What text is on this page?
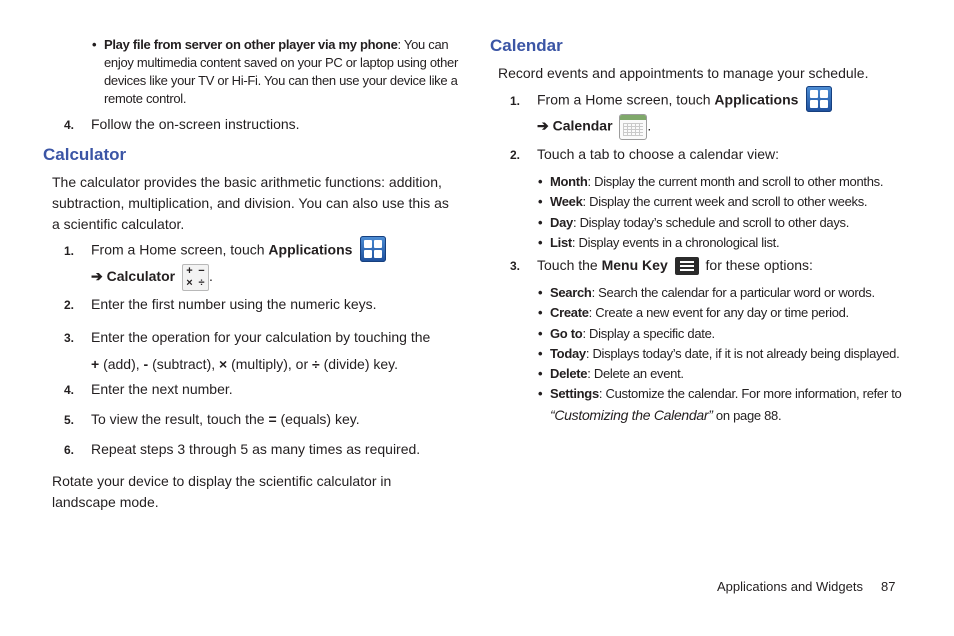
• Play file from server on other player via my phone: You can
enjoy multimedia content saved on your PC or laptop using other
devices like your TV or Hi-Fi. You can then use your device like a
remote control.
4. Follow the on-screen instructions.
Calculator
The calculator provides the basic arithmetic functions: addition,
subtraction, multiplication, and division. You can also use this as
a scientific calculator.
1. From a Home screen, touch Applications
➔ Calculator + −
× ÷ .
2. Enter the first number using the numeric keys.
3. Enter the operation for your calculation by touching the
+ (add), - (subtract), × (multiply), or ÷ (divide) key.
4. Enter the next number.
5. To view the result, touch the = (equals) key.
6. Repeat steps 3 through 5 as many times as required.
Rotate your device to display the scientific calculator in
landscape mode.
Calendar
Record events and appointments to manage your schedule.
1. From a Home screen, touch Applications
➔ Calendar .
2. Touch a tab to choose a calendar view:
• Month: Display the current month and scroll to other months.
• Week: Display the current week and scroll to other weeks.
• Day: Display today’s schedule and scroll to other days.
• List: Display events in a chronological list.
3. Touch the Menu Key
for these options:
• Search: Search the calendar for a particular word or words.
• Create: Create a new event for any day or time period.
• Go to: Display a specific date.
• Today: Displays today’s date, if it is not already being displayed.
• Delete: Delete an event.
• Settings: Customize the calendar. For more information, refer to
“Customizing the Calendar” on page 88.
Applications and Widgets 87
